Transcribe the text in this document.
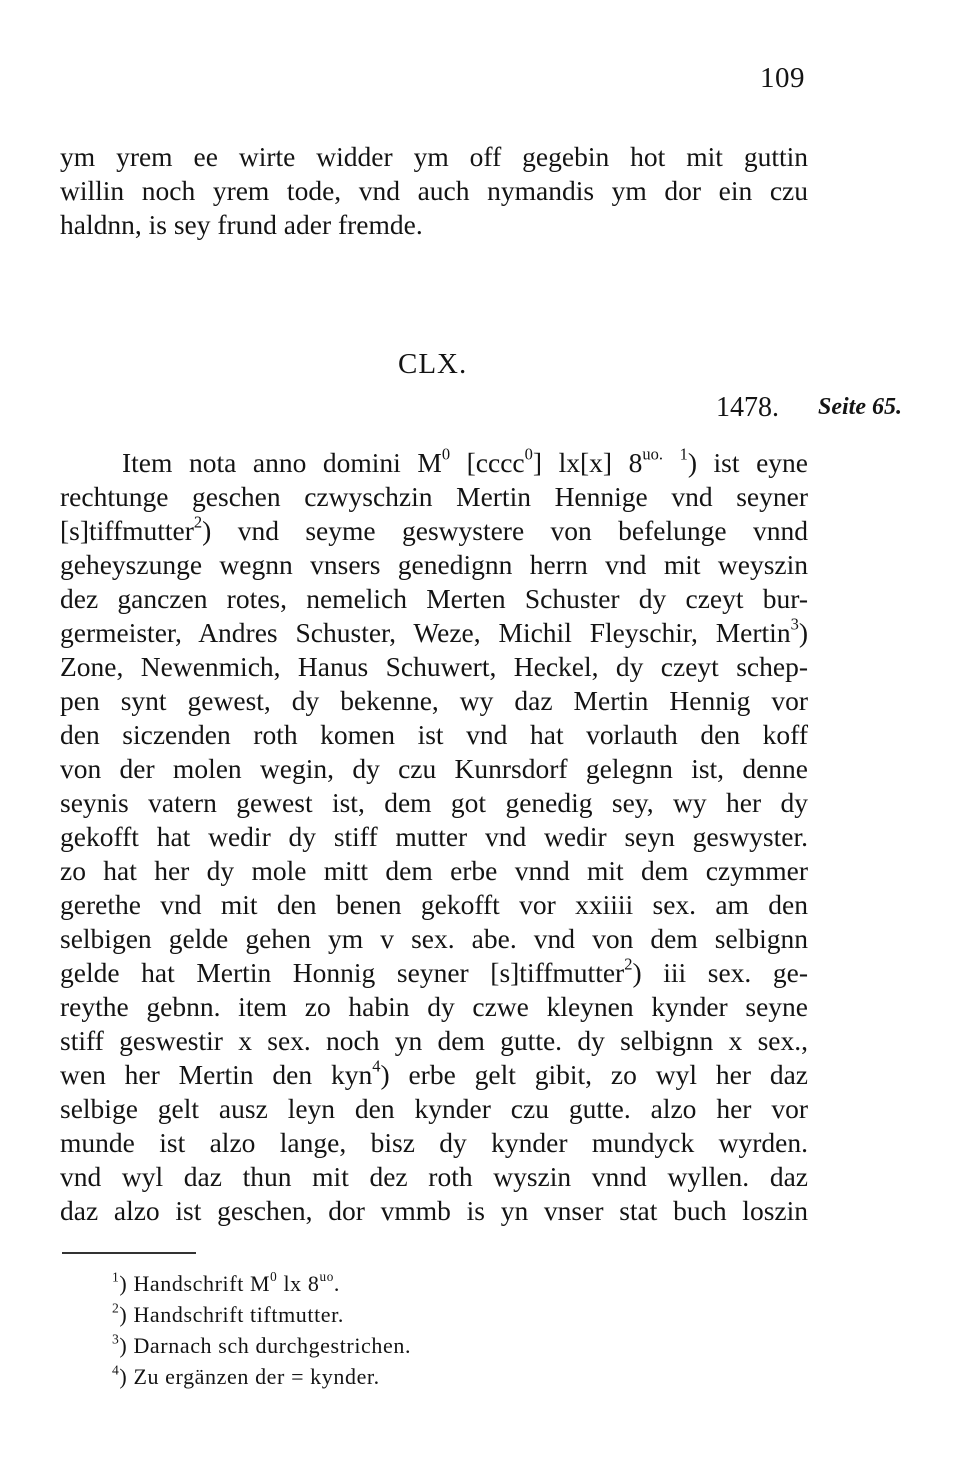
109
ym yrem ee wirte widder ym off gegebin hot mit guttin
willin noch yrem tode, vnd auch nymandis ym dor ein czu
haldnn, is sey frund ader fremde.
CLX.
1478. Seite 65.
Item nota anno domini $M^0$ [cccc$^0$] lx[x] $8^{uo.}$ $^1$) ist eyne
rechtunge geschen czwyschzin Mertin Hennige vnd seyner
[s]tiffmutter$^2$) vnd seyme geswystere von befelunge vnnd
geheyszunge wegnn vnsers genedignn herrn vnd mit weyszin
dez ganczen rotes, nemelich Merten Schuster dy czeyt bur-
germeister, Andres Schuster, Weze, Michil Fleyschir, Mertin$^3$)
Zone, Newenmich, Hanus Schuwert, Heckel, dy czeyt schep-
pen synt gewest, dy bekenne, wy daz Mertin Hennig vor
den siczenden roth komen ist vnd hat vorlauth den koff
von der molen wegin, dy czu Kunrsdorf gelegnn ist, denne
seynis vatern gewest ist, dem got genedig sey, wy her dy
gekofft hat wedir dy stiff mutter vnd wedir seyn geswyster.
zo hat her dy mole mitt dem erbe vnnd mit dem czymmer
gerethe vnd mit den benen gekofft vor xxiiii sex. am den
selbigen gelde gehen ym v sex. abe. vnd von dem selbignn
gelde hat Mertin Honnig seyner [s]tiffmutter$^2$) iii sex. ge-
reythe gebnn. item zo habin dy czwe kleynen kynder seyne
stiff geswestir x sex. noch yn dem gutte. dy selbignn x sex.,
wen her Mertin den kyn$^4$) erbe gelt gibit, zo wyl her daz
selbige gelt ausz leyn den kynder czu gutte. alzo her vor
munde ist alzo lange, bisz dy kynder mundyck wyrden.
vnd wyl daz thun mit dez roth wyszin vnnd wyllen. daz
daz alzo ist geschen, dor vmmb is yn vnser stat buch loszin
$^1$) Handschrift $M^0$ lx $8^{uo}$.
$^2$) Handschrift tiftmutter.
$^3$) Darnach sch durchgestrichen.
$^4$) Zu ergänzen der = kynder.
